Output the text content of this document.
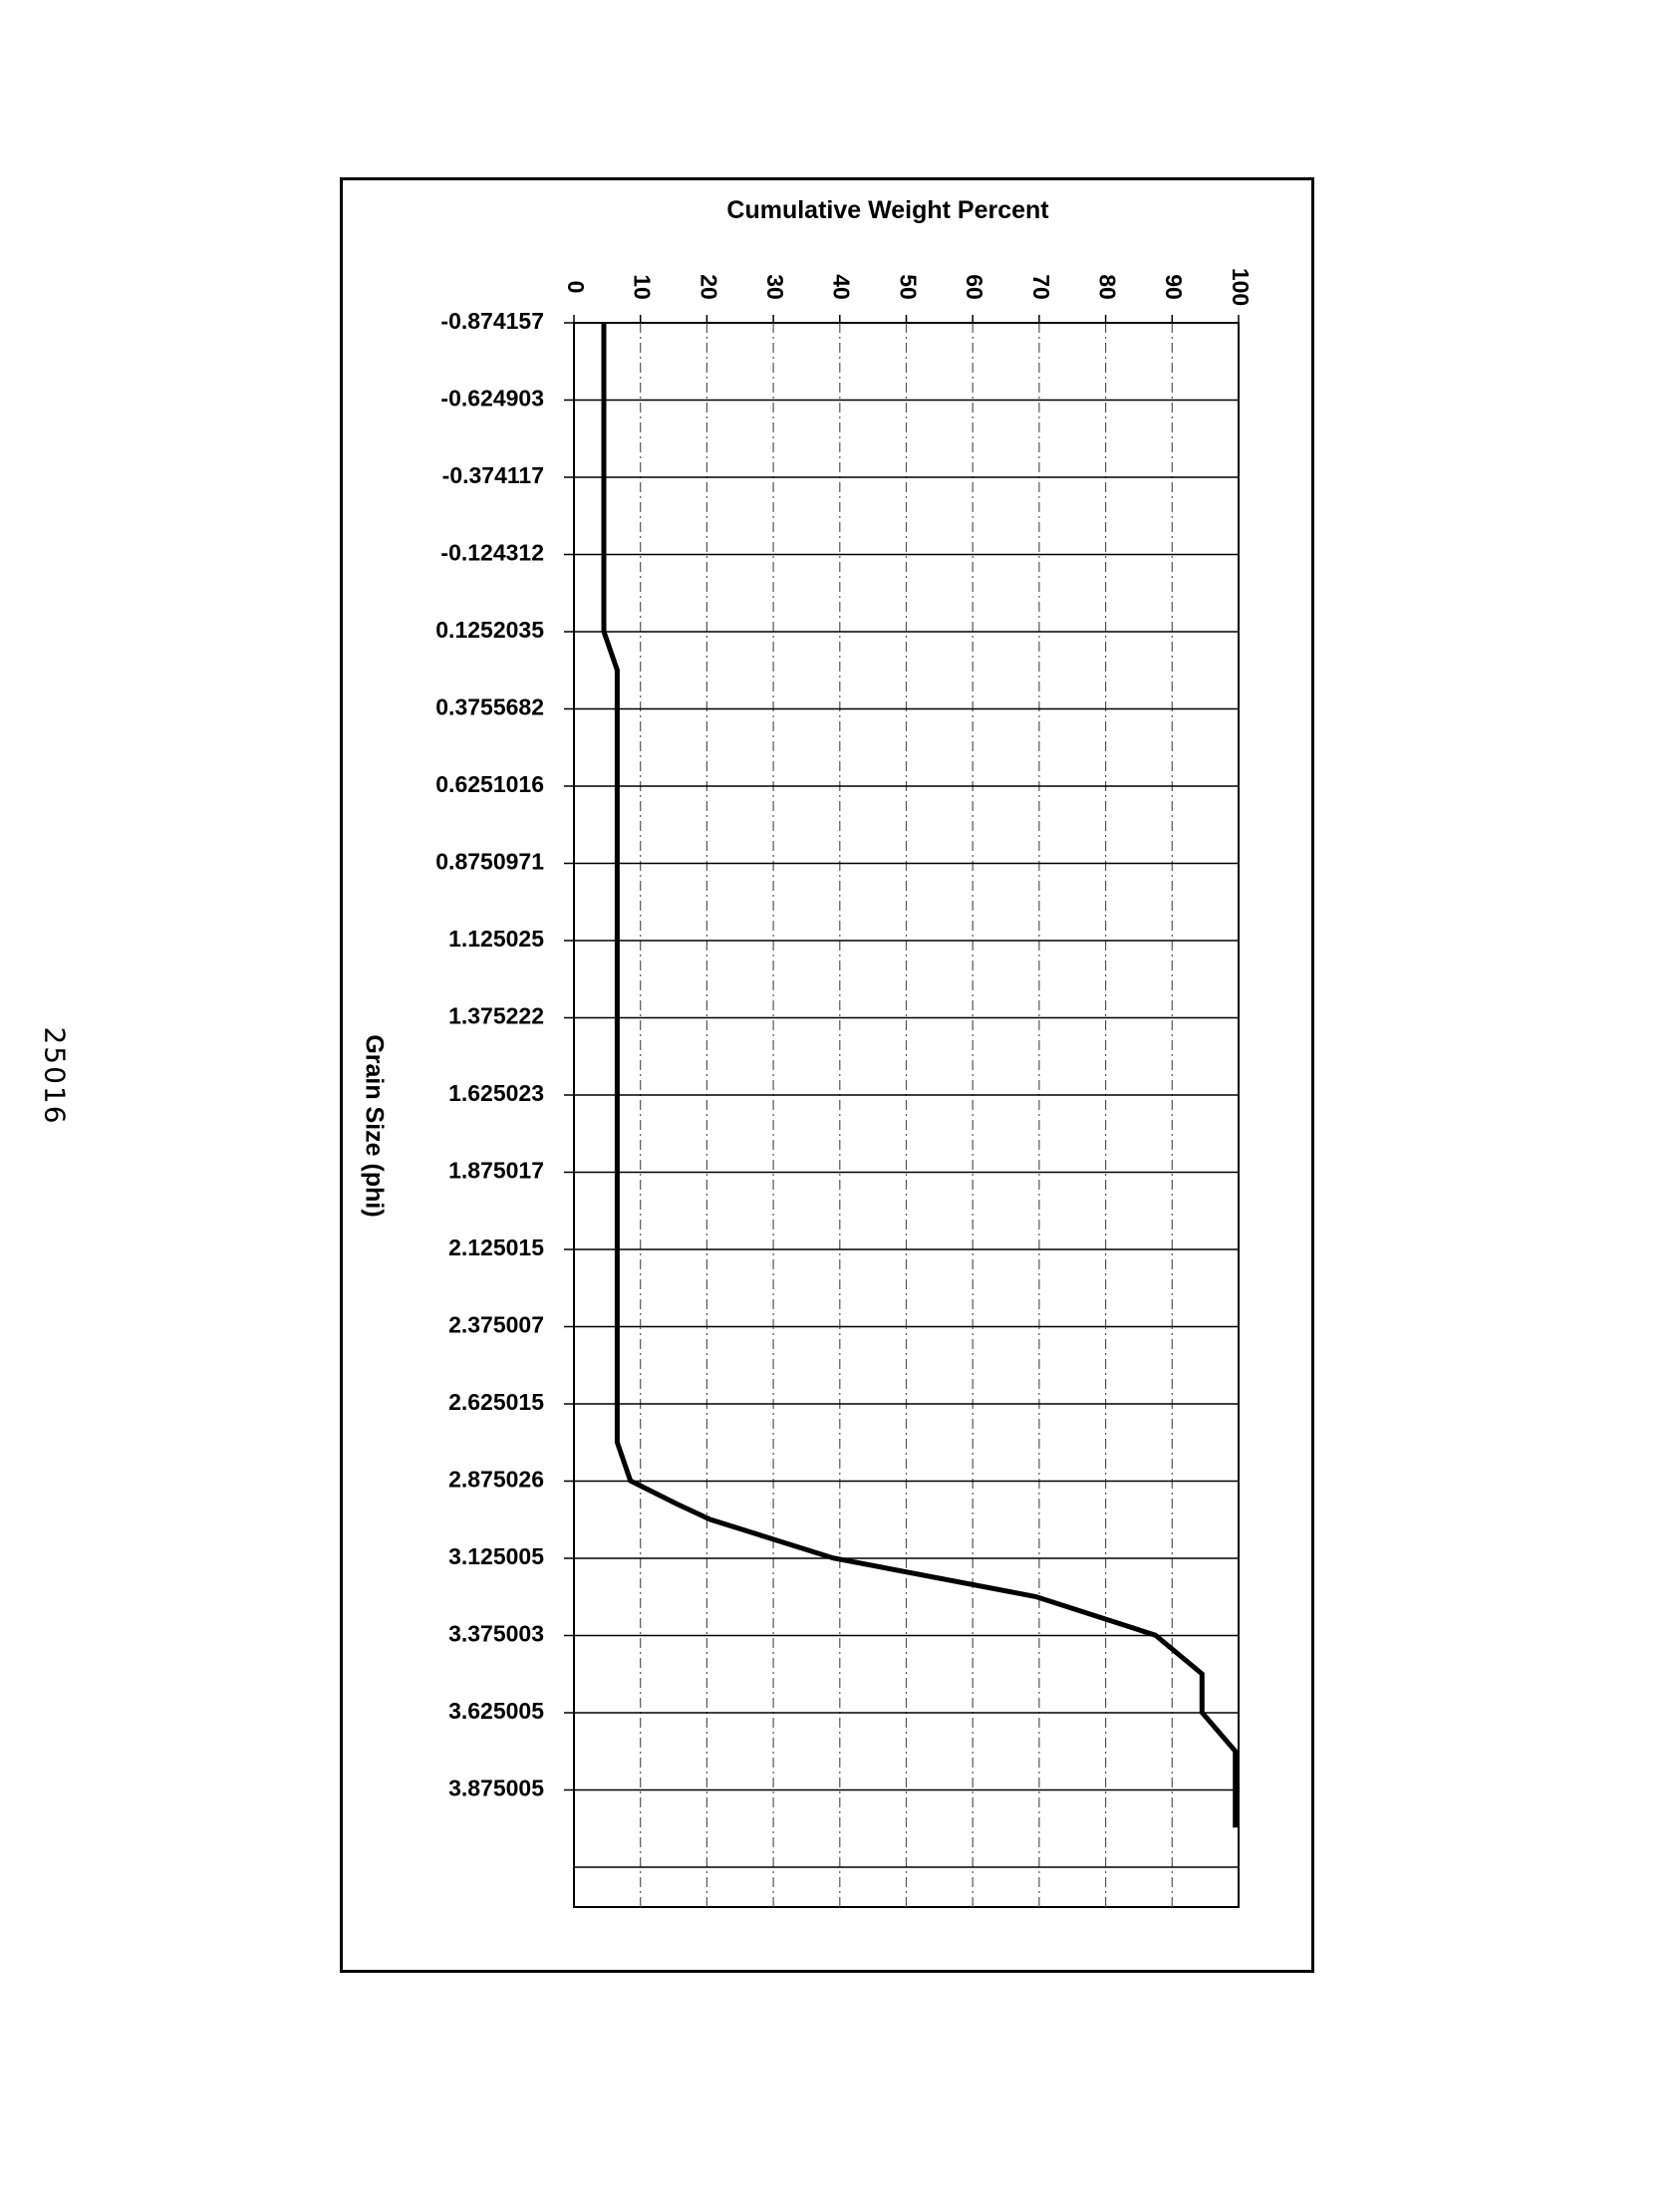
25016
Cumulative Weight Percent
Grain Size (phi)
0 10 20 30 40 50 60 70 80 90 100
-0.874157
-0.624903
-0.374117
-0.124312
0.1252035
0.3755682
0.6251016
0.8750971
1.125025
1.375222
1.625023
1.875017
2.125015
2.375007
2.625015
2.875026
3.125005
3.375003
3.625005
3.875005
